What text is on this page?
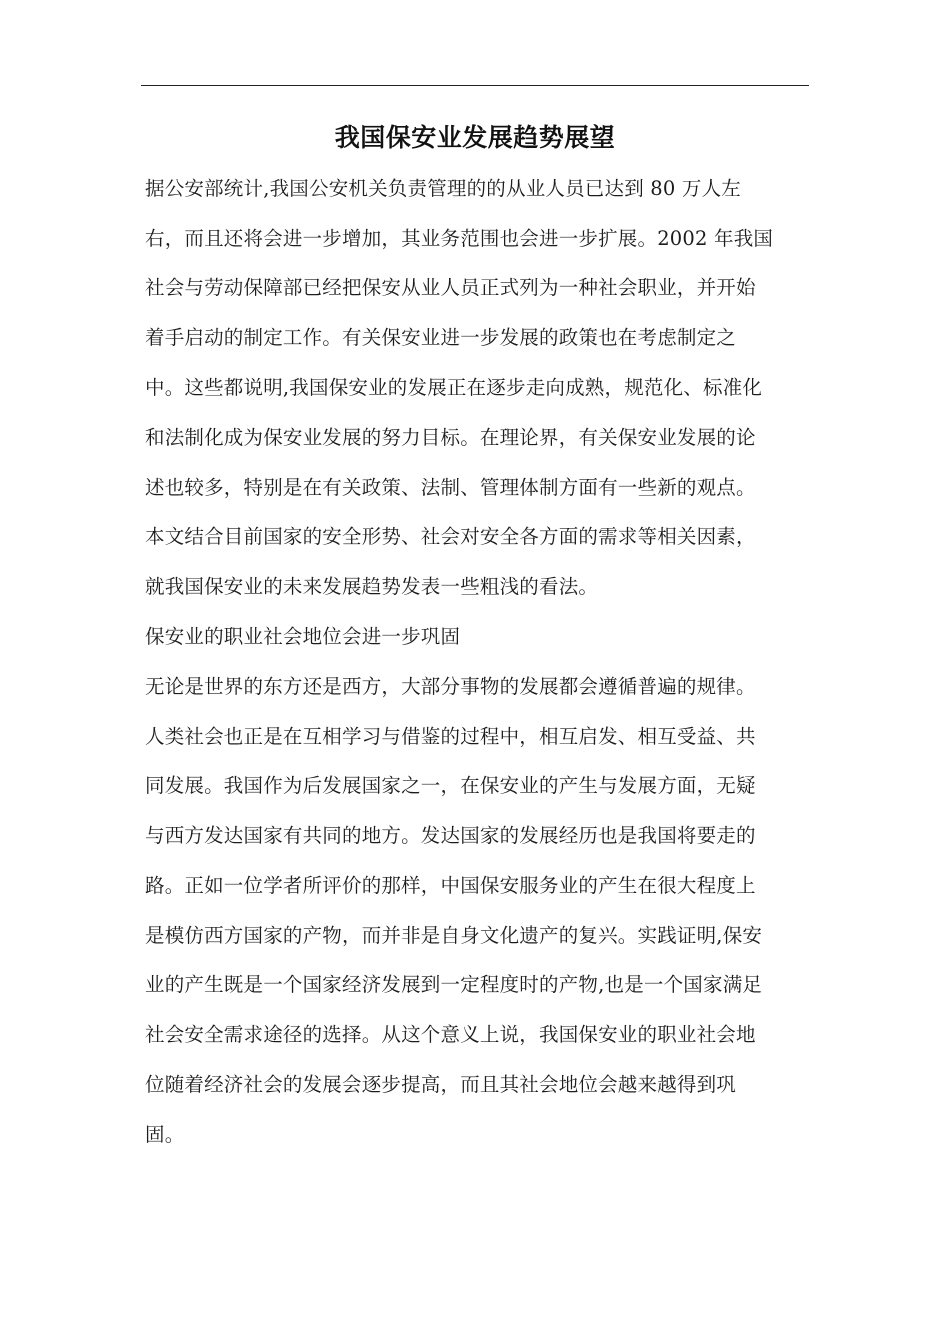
我国保安业发展趋势展望
据公安部统计,我国公安机关负责管理的的从业人员已达到 80 万人左
右，而且还将会进一步增加，其业务范围也会进一步扩展。2002 年我国
社会与劳动保障部已经把保安从业人员正式列为一种社会职业，并开始
着手启动的制定工作。有关保安业进一步发展的政策也在考虑制定之
中。这些都说明,我国保安业的发展正在逐步走向成熟，规范化、标准化
和法制化成为保安业发展的努力目标。在理论界，有关保安业发展的论
述也较多，特别是在有关政策、法制、管理体制方面有一些新的观点。
本文结合目前国家的安全形势、社会对安全各方面的需求等相关因素，
就我国保安业的未来发展趋势发表一些粗浅的看法。
保安业的职业社会地位会进一步巩固
无论是世界的东方还是西方，大部分事物的发展都会遵循普遍的规律。
人类社会也正是在互相学习与借鉴的过程中，相互启发、相互受益、共
同发展。我国作为后发展国家之一，在保安业的产生与发展方面，无疑
与西方发达国家有共同的地方。发达国家的发展经历也是我国将要走的
路。正如一位学者所评价的那样，中国保安服务业的产生在很大程度上
是模仿西方国家的产物，而并非是自身文化遗产的复兴。实践证明,保安
业的产生既是一个国家经济发展到一定程度时的产物,也是一个国家满足
社会安全需求途径的选择。从这个意义上说，我国保安业的职业社会地
位随着经济社会的发展会逐步提高，而且其社会地位会越来越得到巩
固。
